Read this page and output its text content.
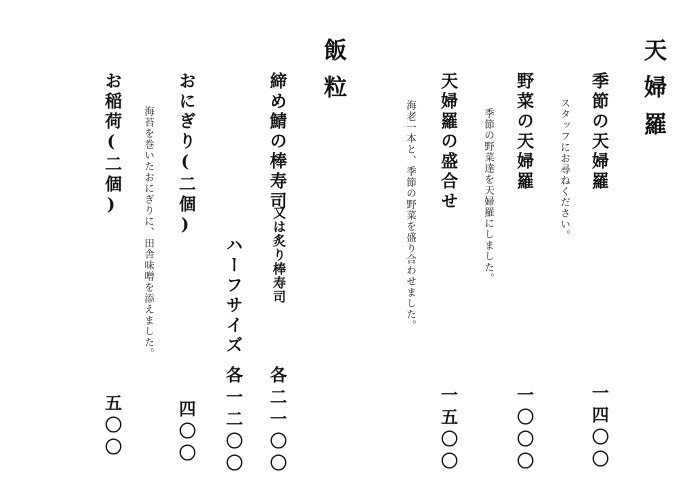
天婦羅
季節の天婦羅
スタッフにお尋ねください。
一四〇〇
野菜の天婦羅
季節の野菜達を天婦羅にしました。
一〇〇〇
天婦羅の盛合せ
海老一本と、季節の野菜を盛り合わせました。
一五〇〇
飯粒
締め鯖の棒寿司
又は炙り棒寿司
ハーフサイズ
各二一〇〇
各一二〇〇
おにぎり(二個)
海苔を巻いたおにぎりに、田舎味噌を添えました。
四〇〇
お稲荷(二個)
五〇〇
